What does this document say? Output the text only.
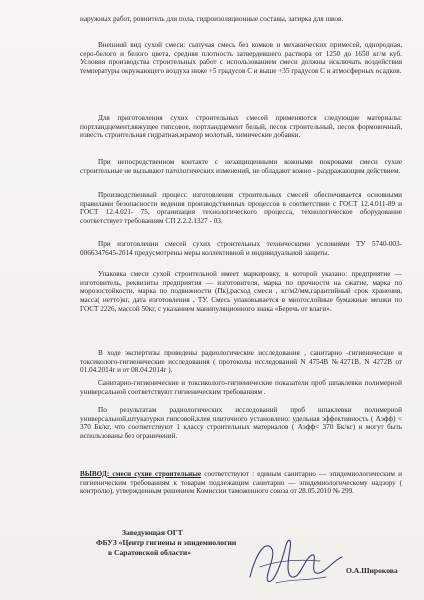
наружных работ, ровнитель для пола, гидроизоляционные составы, затирка для швов.
Внешний вид сухой смеси: сыпучая смесь без комков и механических примесей, однородная, серо-белого и белого цвета, средняя плотность затвердевшего раствора от 1250 до 1650 кг/м куб. Условия производства строительных работ с использованием смеси должны исключать воздействия температуры окружающего воздуха ниже +5 градусов С и выше +35 градусов С и атмосферных осадков.
Для приготовления сухих строительных смесей применяются следующие материалы: портландцемент,вяжущее гипсовое, портландцемент белый, песок строительный, песок формовочный, известь строительная гидратная,мрамор молотый, химические добавки.
При непосредственном контакте с незащищенными кожными покровами смеси сухие строительные не вызывают патологических изменений, не обладают кожно - раздражающим действием.
Производственный процесс изготовления строительных смесей обеспечивается основными правилами безопасности ведения производственных процессов в соответствии с ГОСТ 12.4.011-89 и ГОСТ 12.4.021- 75, организация технологического процесса, технологическое оборудование соответствует требованиям СП 2.2.2.1327 - 03.
При изготовлении смесей сухих строительных техническими условиями ТУ 5740-003-0066347645-2014 предусмотрены меры коллективной и индивидуальной защиты.
Упаковка смеси сухой строительной имеет маркировку, в которой указано: предприятие — изготовитель, реквизиты предприятия — изготовителя, марка по прочности на сжатие, марка по морозостойкости, марка по подвижности (Пк),расход смеси , кг/м2/мм,гарантийный срок хранения, масса( нетто)кг, дата изготовления , ТУ. Смесь упаковывается в многослойные бумажные мешки по ГОСТ 2226, массой 50кг, с указанием манипуляционного знака «Беречь от влаги».
В ходе экспертизы проведены радиологические исследования , санитарно -гигиенические и токсиколого-гигиенические исследования ( протоколы исследований N 4754В №4271В, N 4272В от 01.04.2014г и от 08.04.2014г ).
Санитарно-гигиенические и токсиколого-гигиенические показатели проб шпаклевки полимерной универсальной соответствуют гигиеническим требованиям .
По результатам радиологических исследований проб шпаклевки полимерной универсальной,штукатурки гипсовой,клея плиточного установлено: удельная эффективность ( Аэфф) < 370 Бк/кг, что соответствуют 1 классу строительных материалов ( Аэфф< 370 Бк/кг) и могут быть использованы без ограничений.
ВЫВОД: смеси сухие строительные соответствуют : единым санитарно — эпидемиологическим и гигиеническим требованиям к товарам подлежащим санитарно — эпидемиологическому надзору ( контролю), утвержденным решением Комиссии таможенного союза от 28.05.2010 № 299.
Заведующая ОГТ
ФБУЗ «Центр гигиены и эпидемиологии
в Саратовской области»
О.А.Широкова
